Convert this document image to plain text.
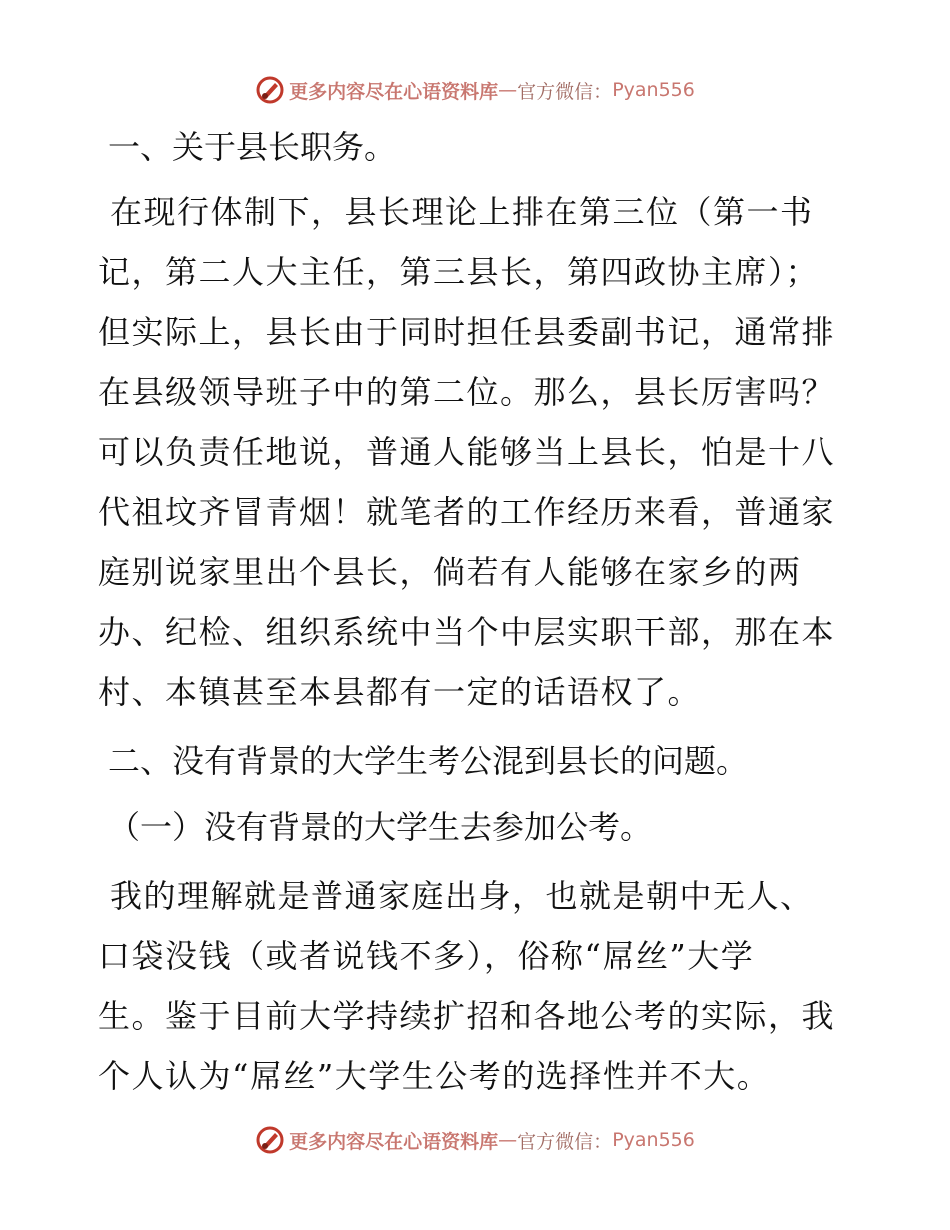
更多内容尽在心语资料库 — 官方微信： Pyan556

一、关于县长职务。

在现行体制下，县长理论上排在第三位（第一书
记，第二人大主任，第三县长，第四政协主席）；
但实际上，县长由于同时担任县委副书记，通常排
在县级领导班子中的第二位。那么，县长厉害吗？
可以负责任地说，普通人能够当上县长，怕是十八
代祖坟齐冒青烟！就笔者的工作经历来看，普通家
庭别说家里出个县长，倘若有人能够在家乡的两
办、纪检、组织系统中当个中层实职干部，那在本
村、本镇甚至本县都有一定的话语权了。

二、没有背景的大学生考公混到县长的问题。

（一）没有背景的大学生去参加公考。

我的理解就是普通家庭出身，也就是朝中无人、
口袋没钱（或者说钱不多），俗称“屌丝”大学
生。鉴于目前大学持续扩招和各地公考的实际，我
个人认为“屌丝”大学生公考的选择性并不大。
更多内容尽在心语资料库 — 官方微信： Pyan556
